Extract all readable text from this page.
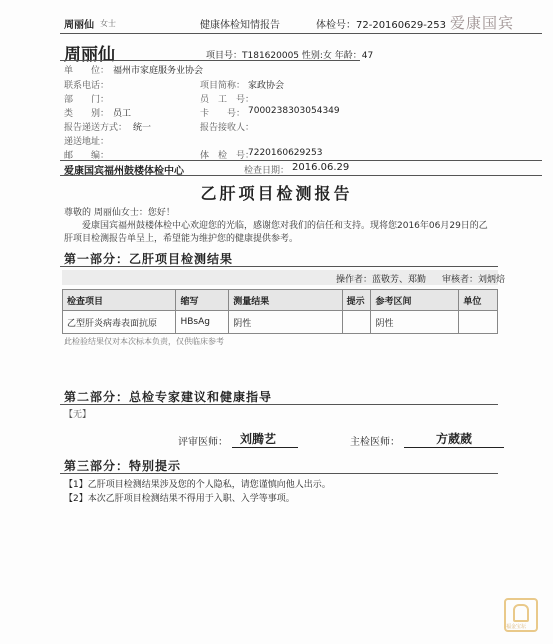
周丽仙 女士	健康体检知情报告	体检号：72-20160629-253 爱康国宾
周丽仙	项目号：T181620005 性别:女 年龄：47
单　　位： 福州市家庭服务业协会
联系电话：	项目简称： 家政协会
部　　门：	员　工　号：
类　　别： 员工	卡　　号： 7000238303054349
报告递送方式： 统一	报告接收人：
递送地址：
邮　　编：	体　检　号：
7220160629253
爱康国宾福州鼓楼体检中心	检查日期： 2016.06.29
乙肝项目检测报告
尊敬的 周丽仙女士：您好！
爱康国宾福州鼓楼体检中心欢迎您的光临，感谢您对我们的信任和支持。现将您2016年06月29日的乙
肝项目检测报告单呈上，希望能为维护您的健康提供参考。
第一部分：乙肝项目检测结果
操作者：蓝敬芳、郑勤 审核者：刘炳焙
检查项目	缩写	测量结果	提示	参考区间	单位
乙型肝炎病毒表面抗原	HBsAg	阴性		阴性	
此检验结果仅对本次标本负责，仅供临床参考
第二部分：总检专家建议和健康指导
【无】
评审医师： 刘腾艺	主检医师：	方葳葳
第三部分：特别提示
【1】乙肝项目检测结果涉及您的个人隐私，请您谨慎向他人出示。
【2】本次乙肝项目检测结果不得用于入职、入学等事项。
福金宝坛
